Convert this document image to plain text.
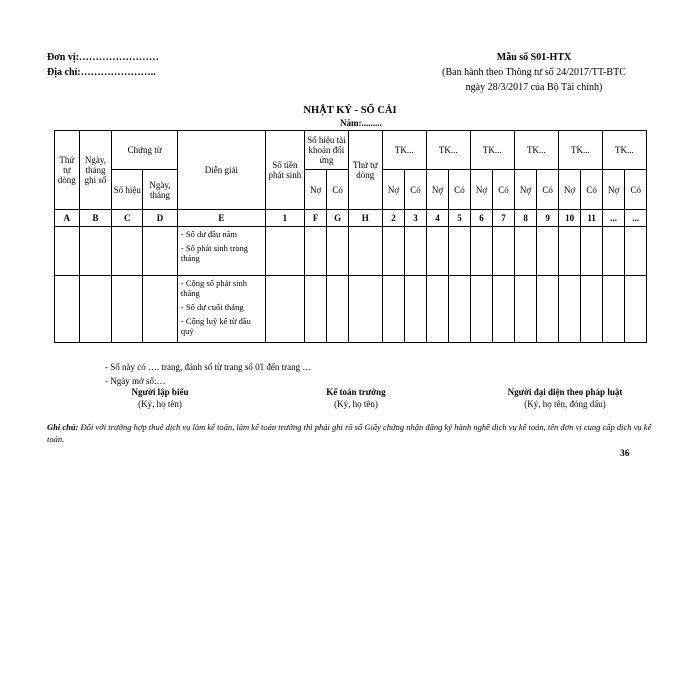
Đơn vị:……………………
Địa chỉ:…………………..
Mẫu số S01-HTX
(Ban hành theo Thông tư số 24/2017/TT-BTC
ngày 28/3/2017 của Bộ Tài chính)
NHẬT KÝ - SỔ CÁI
Năm:.........
Thứ tự dòng	Ngày, tháng ghi sổ	Chứng từ		Diễn giải	Số tiền phát sinh	Số hiệu tài khoản đối ứng		Thứ tự dòng	TK...		TK...		TK...		TK...		TK...		TK...	
		Số hiệu	Ngày, tháng			Nợ	Có		Nợ	Có	Nợ	Có	Nợ	Có	Nợ	Có	Nợ	Có	Nợ	Có
A	B	C	D	E	1	F	G	H	2	3	4	5	6	7	8	9	10	11	...	...

				- Số dư đầu năm
- Số phát sinh trong tháng																

				- Cộng số phát sinh tháng
- Số dư cuối tháng
- Cộng luỹ kế từ đầu quý																

- Sổ này có …. trang, đánh số từ trang số 01 đến trang …
- Ngày mở sổ:…
Người lập biểu
(Ký, họ tên)
Kế toán trưởng
(Ký, họ tên)
Người đại diện theo pháp luật
(Ký, họ tên, đóng dấu)
Ghi chú: Đối với trường hợp thuê dịch vụ làm kế toán, làm kế toán trưởng thì phải ghi rõ số Giấy chứng nhận đăng ký hành nghề dịch vụ kế toán, tên đơn vị cung cấp dịch vụ kế toán.
36
